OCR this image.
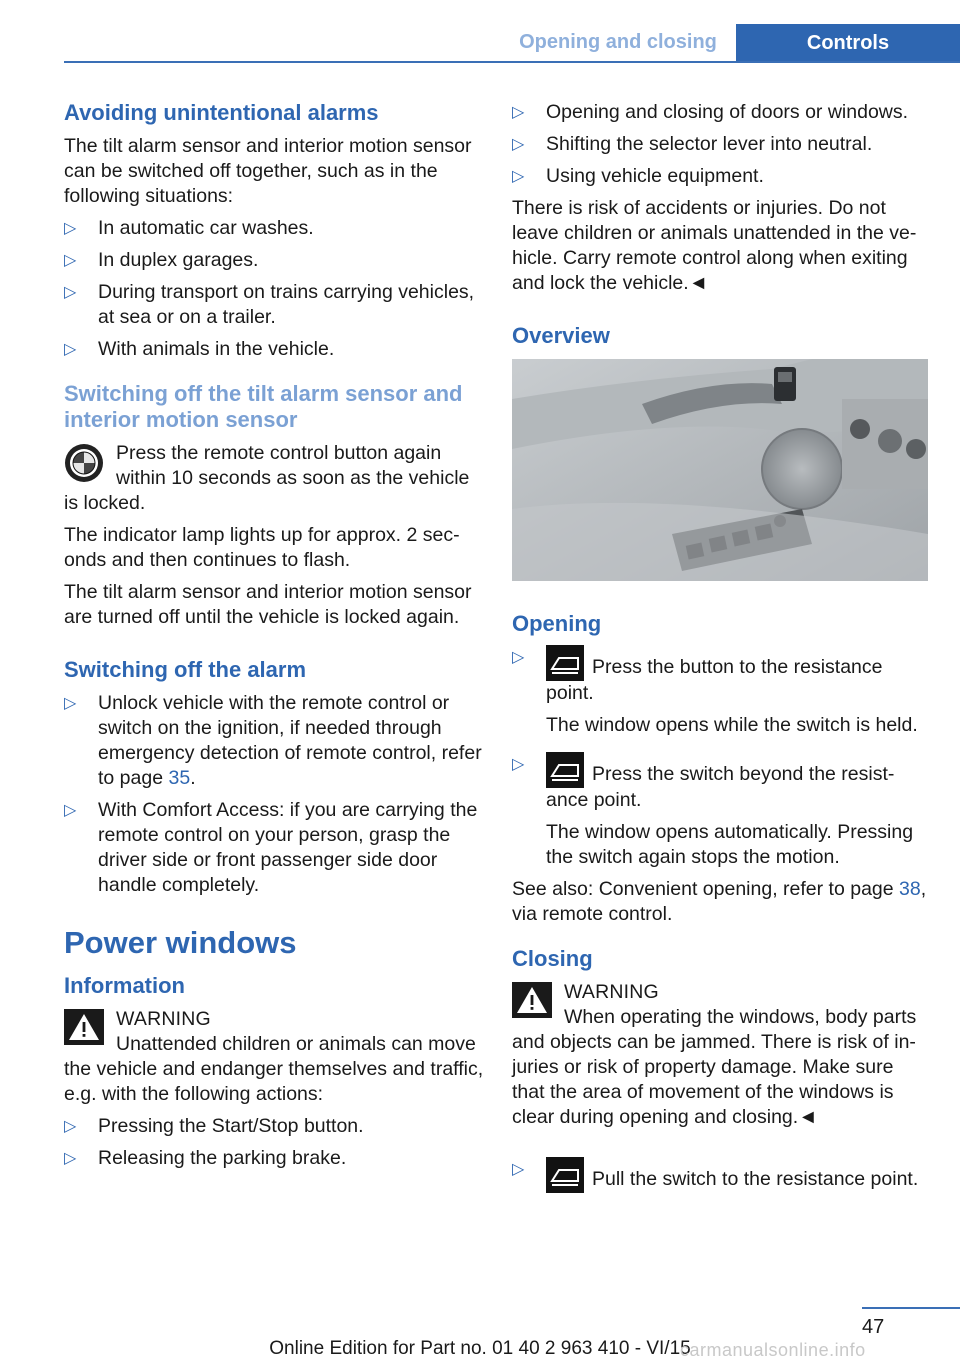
Opening and closing	Controls
Avoiding unintentional alarms
The tilt alarm sensor and interior motion sensor can be switched off together, such as in the following situations:
▷ In automatic car washes.
▷ In duplex garages.
▷ During transport on trains carrying vehicles, at sea or on a trailer.
▷ With animals in the vehicle.
Switching off the tilt alarm sensor and interior motion sensor
Press the remote control button again within 10 seconds as soon as the vehicle is locked.
The indicator lamp lights up for approx. 2 seconds and then continues to flash.
The tilt alarm sensor and interior motion sensor are turned off until the vehicle is locked again.
Switching off the alarm
▷ Unlock vehicle with the remote control or switch on the ignition, if needed through emergency detection of remote control, refer to page 35.
▷ With Comfort Access: if you are carrying the remote control on your person, grasp the driver side or front passenger side door handle completely.
Power windows
Information
WARNING
Unattended children or animals can move the vehicle and endanger themselves and traffic, e.g. with the following actions:
▷ Pressing the Start/Stop button.
▷ Releasing the parking brake.
▷ Opening and closing of doors or windows.
▷ Shifting the selector lever into neutral.
▷ Using vehicle equipment.
There is risk of accidents or injuries. Do not leave children or animals unattended in the vehicle. Carry remote control along when exiting and lock the vehicle.◄
Overview
Opening
▷	Press the button to the resistance point.
The window opens while the switch is held.
▷	Press the switch beyond the resistance point.
The window opens automatically. Pressing the switch again stops the motion.
See also: Convenient opening, refer to page 38, via remote control.
Closing
WARNING
When operating the windows, body parts and objects can be jammed. There is risk of injuries or risk of property damage. Make sure that the area of movement of the windows is clear during opening and closing.◄
▷	Pull the switch to the resistance point.
47
Online Edition for Part no. 01 40 2 963 410 - VI/15
carmanualsonline.info
